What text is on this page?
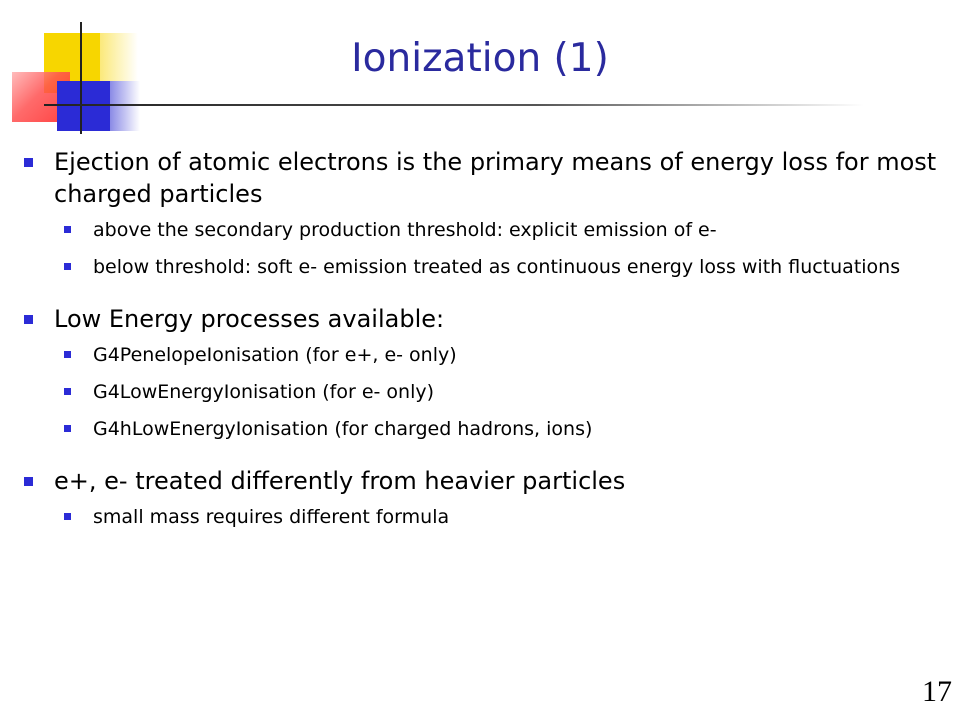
Ionization (1)
Ejection of atomic electrons is the primary means of energy loss for most charged particles
above the secondary production threshold: explicit emission of e-
below threshold: soft e- emission treated as continuous energy loss with fluctuations
Low Energy processes available:
G4PenelopeIonisation (for e+, e- only)
G4LowEnergyIonisation (for e- only)
G4hLowEnergyIonisation (for charged hadrons, ions)
e+, e- treated differently from heavier particles
small mass requires different formula
17
